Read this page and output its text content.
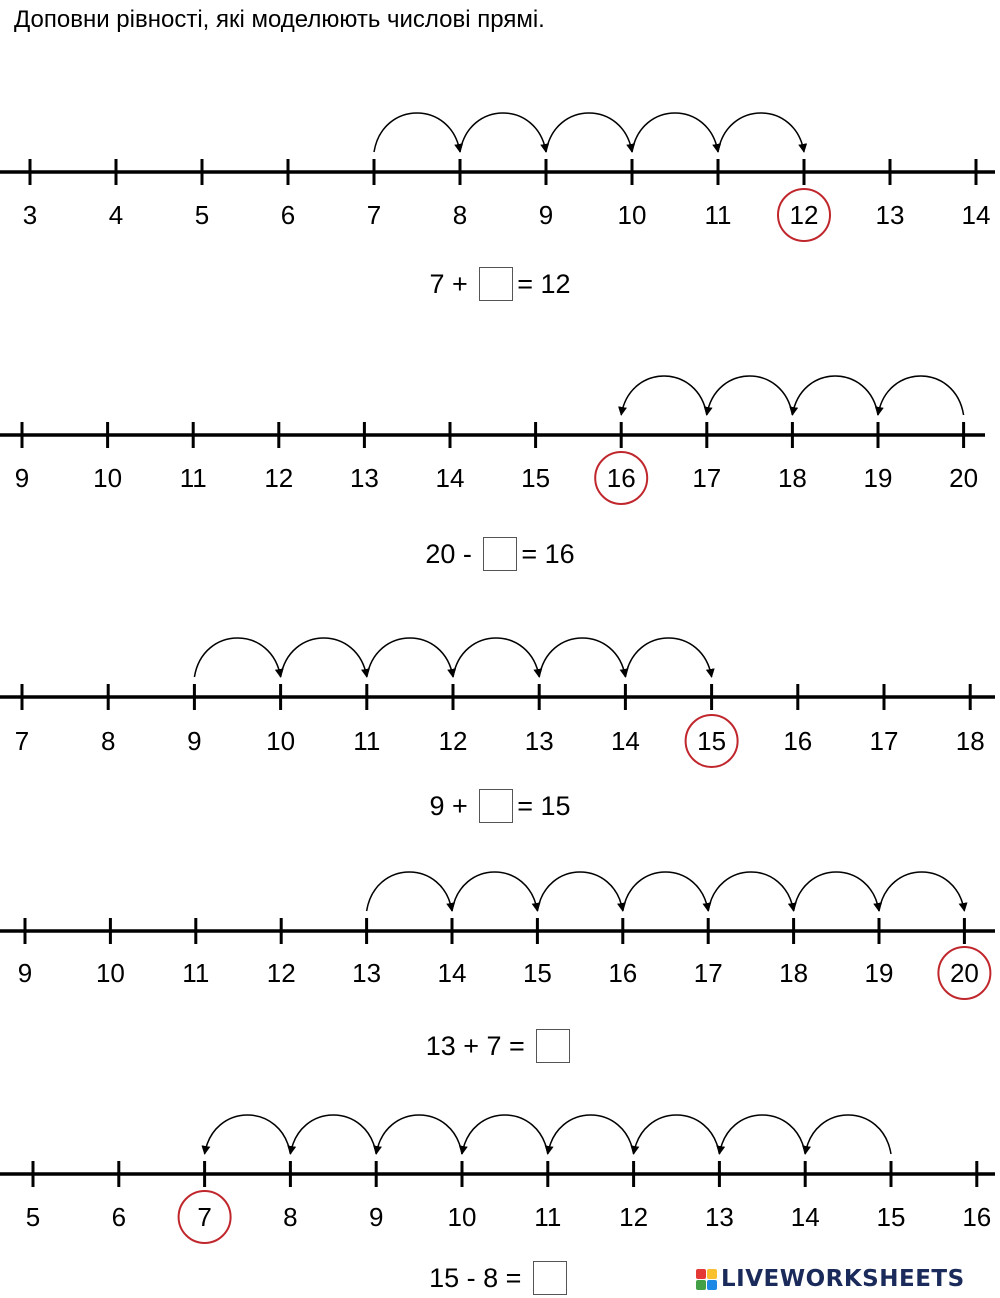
Доповни рівності, які моделюють числові прямі.
3	4	5	6	7	8	9 10 11 12 13 14
9 10 11 12 13 14 15 16 17 18 19 20
7	8	9 10 11 12 13 14 15 16 17 18
9 10 11 12 13 14 15 16 17 18 19 20
5	6	7	8	9 10 11 12 13 14 15 16
7 + = 12
20 - = 16
9 + = 15
13 + 7 =
15 - 8 =	LIVEWORKSHEETS
